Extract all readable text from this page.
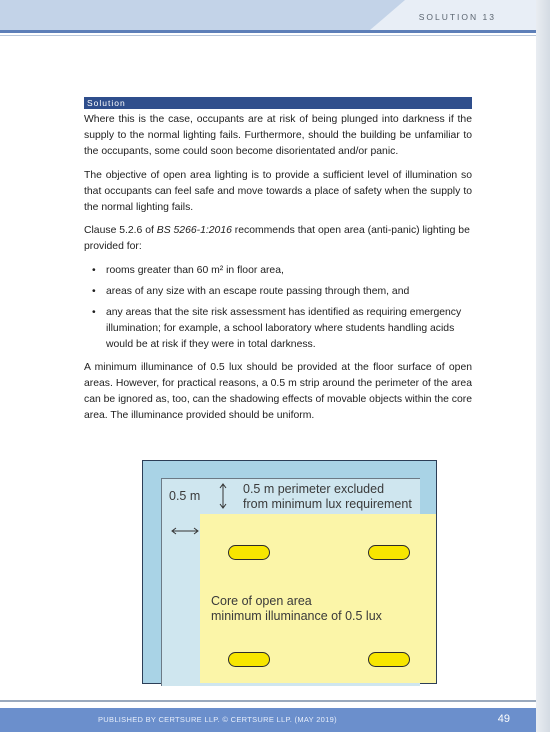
SOLUTION 13
Solution

Where this is the case, occupants are at risk of being plunged into darkness if the supply to the normal lighting fails. Furthermore, should the building be unfamiliar to the occupants, some could soon become disorientated and/or panic.

The objective of open area lighting is to provide a sufficient level of illumination so that occupants can feel safe and move towards a place of safety when the supply to the normal lighting fails.

Clause 5.2.6 of BS 5266-1:2016 recommends that open area (anti-panic) lighting be provided for:

• rooms greater than 60 m² in floor area,
• areas of any size with an escape route passing through them, and
• any areas that the site risk assessment has identified as requiring emergency illumination; for example, a school laboratory where students handling acids would be at risk if they were in total darkness.

A minimum illuminance of 0.5 lux should be provided at the floor surface of open areas. However, for practical reasons, a 0.5 m strip around the perimeter of the area can be ignored as, too, can the shadowing effects of movable objects within the core area. The illuminance provided should be uniform.

0.5 m	0.5 m perimeter excluded
from minimum lux requirement
Core of open area
minimum illuminance of 0.5 lux
PUBLISHED BY CERTSURE LLP. © CERTSURE LLP. (MAY 2019)	49
